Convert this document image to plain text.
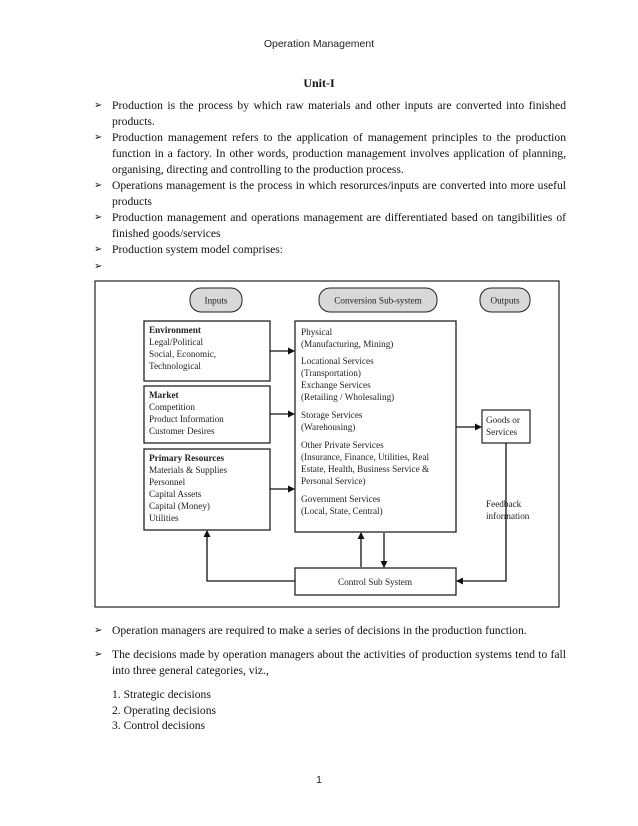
Operation Management
Unit-I
➢ Production is the process by which raw materials and other inputs are converted into finished products.
➢ Production management refers to the application of management principles to the production function in a factory. In other words, production management involves application of planning, organising, directing and controlling to the production process.
➢ Operations management is the process in which resorurces/inputs are converted into more useful products
➢ Production management and operations management are differentiated based on tangibilities of finished goods/services
➢ Production system model comprises:
➢
Inputs	Conversion Sub-system	Outputs
Environment
Legal/Political
Social, Economic,
Technological
Market
Competition
Product Information
Customer Desires
Primary Resources
Materials & Supplies
Personnel
Capital Assets
Capital (Money)
Utilities
Physical
(Manufacturing, Mining)
Locational Services
(Transportation)
Exchange Services
(Retailing / Wholesaling)
Storage Services
(Warehousing)
Other Private Services
(Insurance, Finance, Utilities, Real
Estate, Health, Business Service &
Personal Service)
Government Services
(Local, State, Central)
Goods or
Services
Feedback
information
Control Sub System
➢ Operation managers are required to make a series of decisions in the production function.
➢ The decisions made by operation managers about the activities of production systems tend to fall into three general categories, viz.,
1. Strategic decisions
2. Operating decisions
3. Control decisions
1
